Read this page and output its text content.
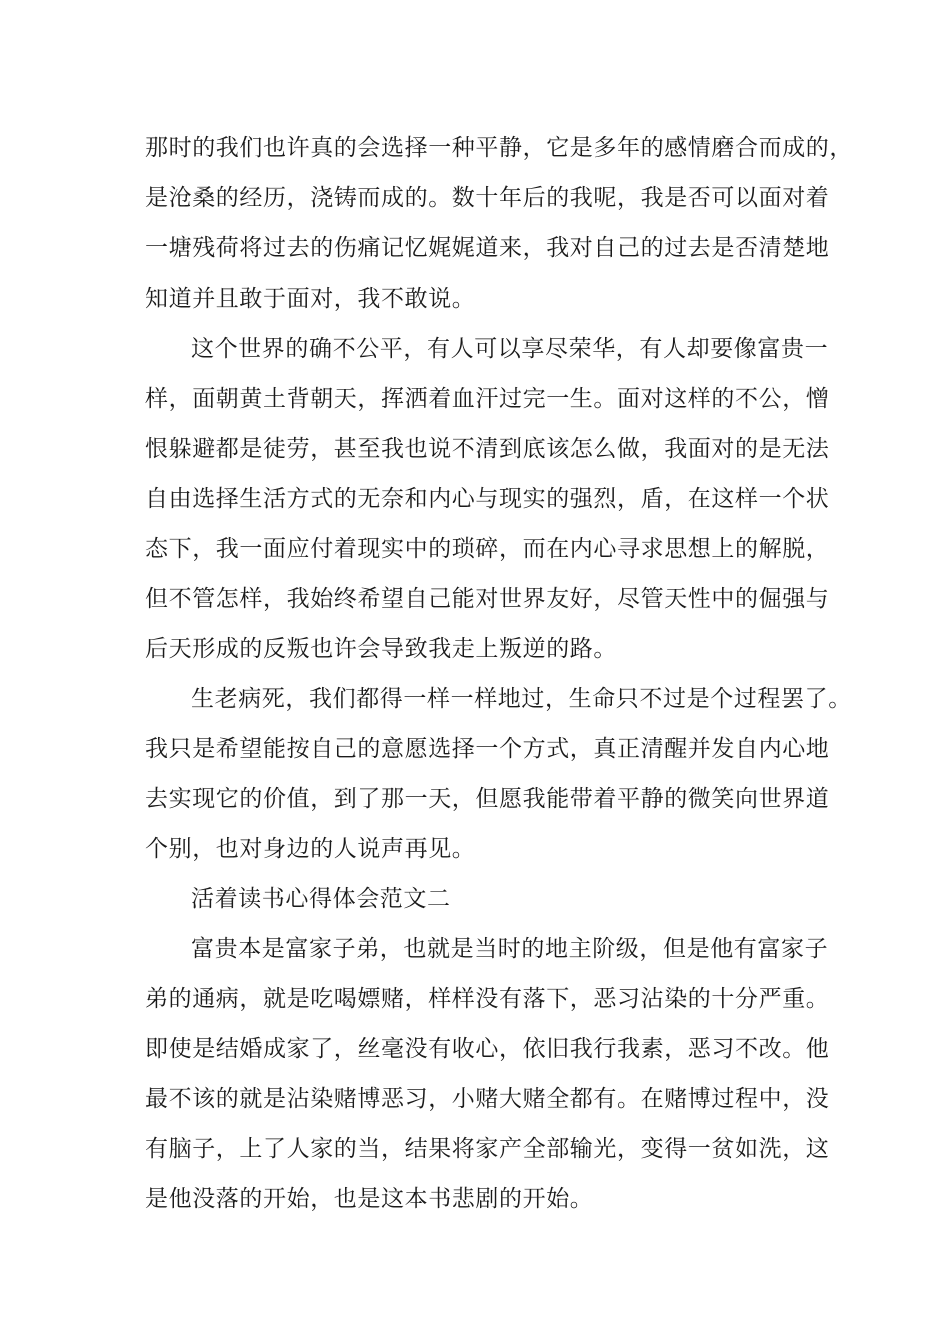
那时的我们也许真的会选择一种平静，它是多年的感情磨合而成的，
是沧桑的经历，浇铸而成的。数十年后的我呢，我是否可以面对着
一塘残荷将过去的伤痛记忆娓娓道来，我对自己的过去是否清楚地
知道并且敢于面对，我不敢说。
这个世界的确不公平，有人可以享尽荣华，有人却要像富贵一
样，面朝黄土背朝天，挥洒着血汗过完一生。面对这样的不公，憎
恨躲避都是徒劳，甚至我也说不清到底该怎么做，我面对的是无法
自由选择生活方式的无奈和内心与现实的强烈，盾，在这样一个状
态下，我一面应付着现实中的琐碎，而在内心寻求思想上的解脱，
但不管怎样，我始终希望自己能对世界友好，尽管天性中的倔强与
后天形成的反叛也许会导致我走上叛逆的路。
生老病死，我们都得一样一样地过，生命只不过是个过程罢了。
我只是希望能按自己的意愿选择一个方式，真正清醒并发自内心地
去实现它的价值，到了那一天，但愿我能带着平静的微笑向世界道
个别，也对身边的人说声再见。
活着读书心得体会范文二
富贵本是富家子弟，也就是当时的地主阶级，但是他有富家子
弟的通病，就是吃喝嫖赌，样样没有落下，恶习沾染的十分严重。
即使是结婚成家了，丝毫没有收心，依旧我行我素，恶习不改。他
最不该的就是沾染赌博恶习，小赌大赌全都有。在赌博过程中，没
有脑子，上了人家的当，结果将家产全部输光，变得一贫如洗，这
是他没落的开始，也是这本书悲剧的开始。
